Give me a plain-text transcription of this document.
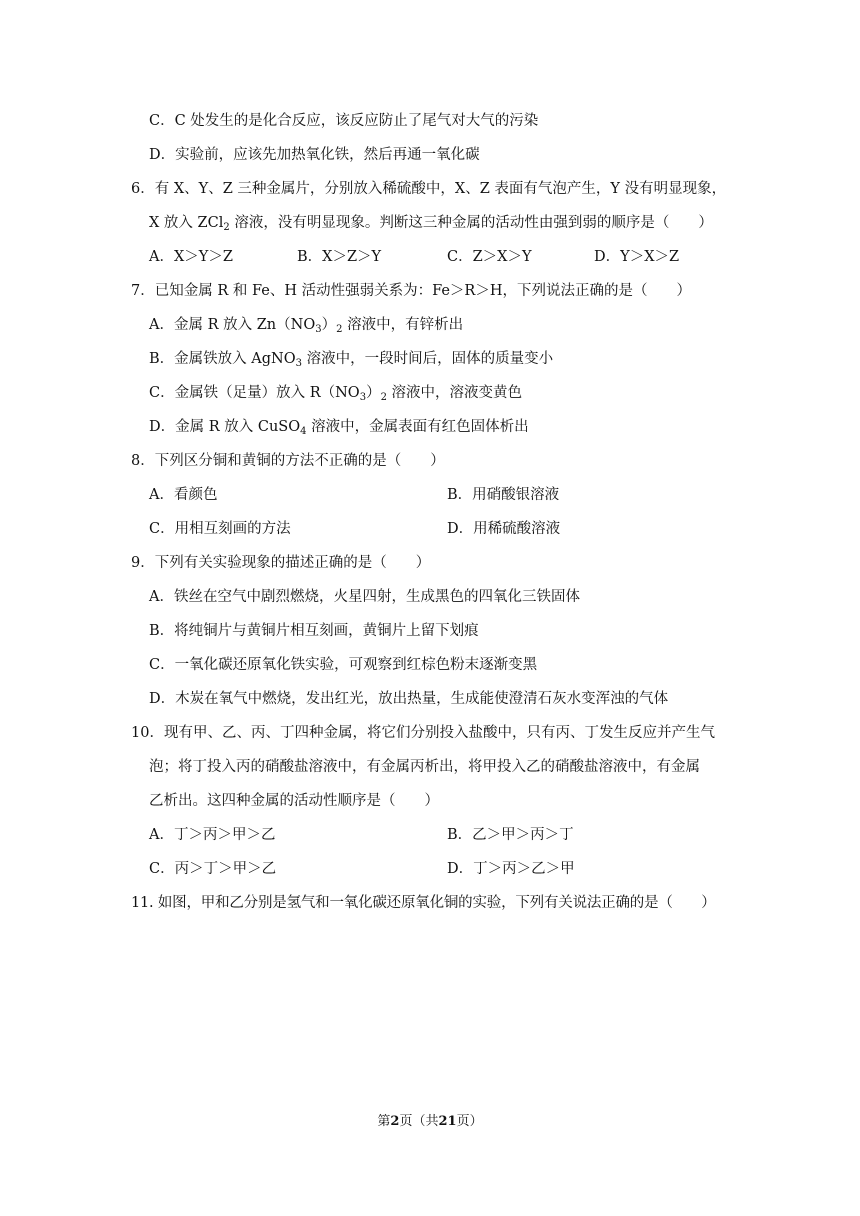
C．C 处发生的是化合反应，该反应防止了尾气对大气的污染
D．实验前，应该先加热氧化铁，然后再通一氧化碳
6．有 X、Y、Z 三种金属片，分别放入稀硫酸中，X、Z 表面有气泡产生，Y 没有明显现象，
X 放入 ZCl$_2$ 溶液，没有明显现象。判断这三种金属的活动性由强到弱的顺序是（　　）
A．X＞Y＞Z	B．X＞Z＞Y	C．Z＞X＞Y	D．Y＞X＞Z
7．已知金属 R 和 Fe、H 活动性强弱关系为：Fe＞R＞H，下列说法正确的是（　　）
A．金属 R 放入 $Zn(NO_3)_2$ 溶液中，有锌析出
B．金属铁放入 AgNO$_3$ 溶液中，一段时间后，固体的质量变小
C．金属铁（足量）放入 $R(NO_3)_2$ 溶液中，溶液变黄色
D．金属 R 放入 CuSO$_4$ 溶液中，金属表面有红色固体析出
8．下列区分铜和黄铜的方法不正确的是（　　）
A．看颜色	B．用硝酸银溶液
C．用相互刻画的方法	D．用稀硫酸溶液
9．下列有关实验现象的描述正确的是（　　）
A．铁丝在空气中剧烈燃烧，火星四射，生成黑色的四氧化三铁固体
B．将纯铜片与黄铜片相互刻画，黄铜片上留下划痕
C．一氧化碳还原氧化铁实验，可观察到红棕色粉末逐渐变黑
D．木炭在氧气中燃烧，发出红光，放出热量，生成能使澄清石灰水变浑浊的气体
10．现有甲、乙、丙、丁四种金属，将它们分别投入盐酸中，只有丙、丁发生反应并产生气
泡；将丁投入丙的硝酸盐溶液中，有金属丙析出，将甲投入乙的硝酸盐溶液中，有金属
乙析出。这四种金属的活动性顺序是（　　）
A．丁＞丙＞甲＞乙	B．乙＞甲＞丙＞丁
C．丙＞丁＞甲＞乙	D．丁＞丙＞乙＞甲
11. 如图，甲和乙分别是氢气和一氧化碳还原氧化铜的实验，下列有关说法正确的是（　　）
第2页（共21页）
